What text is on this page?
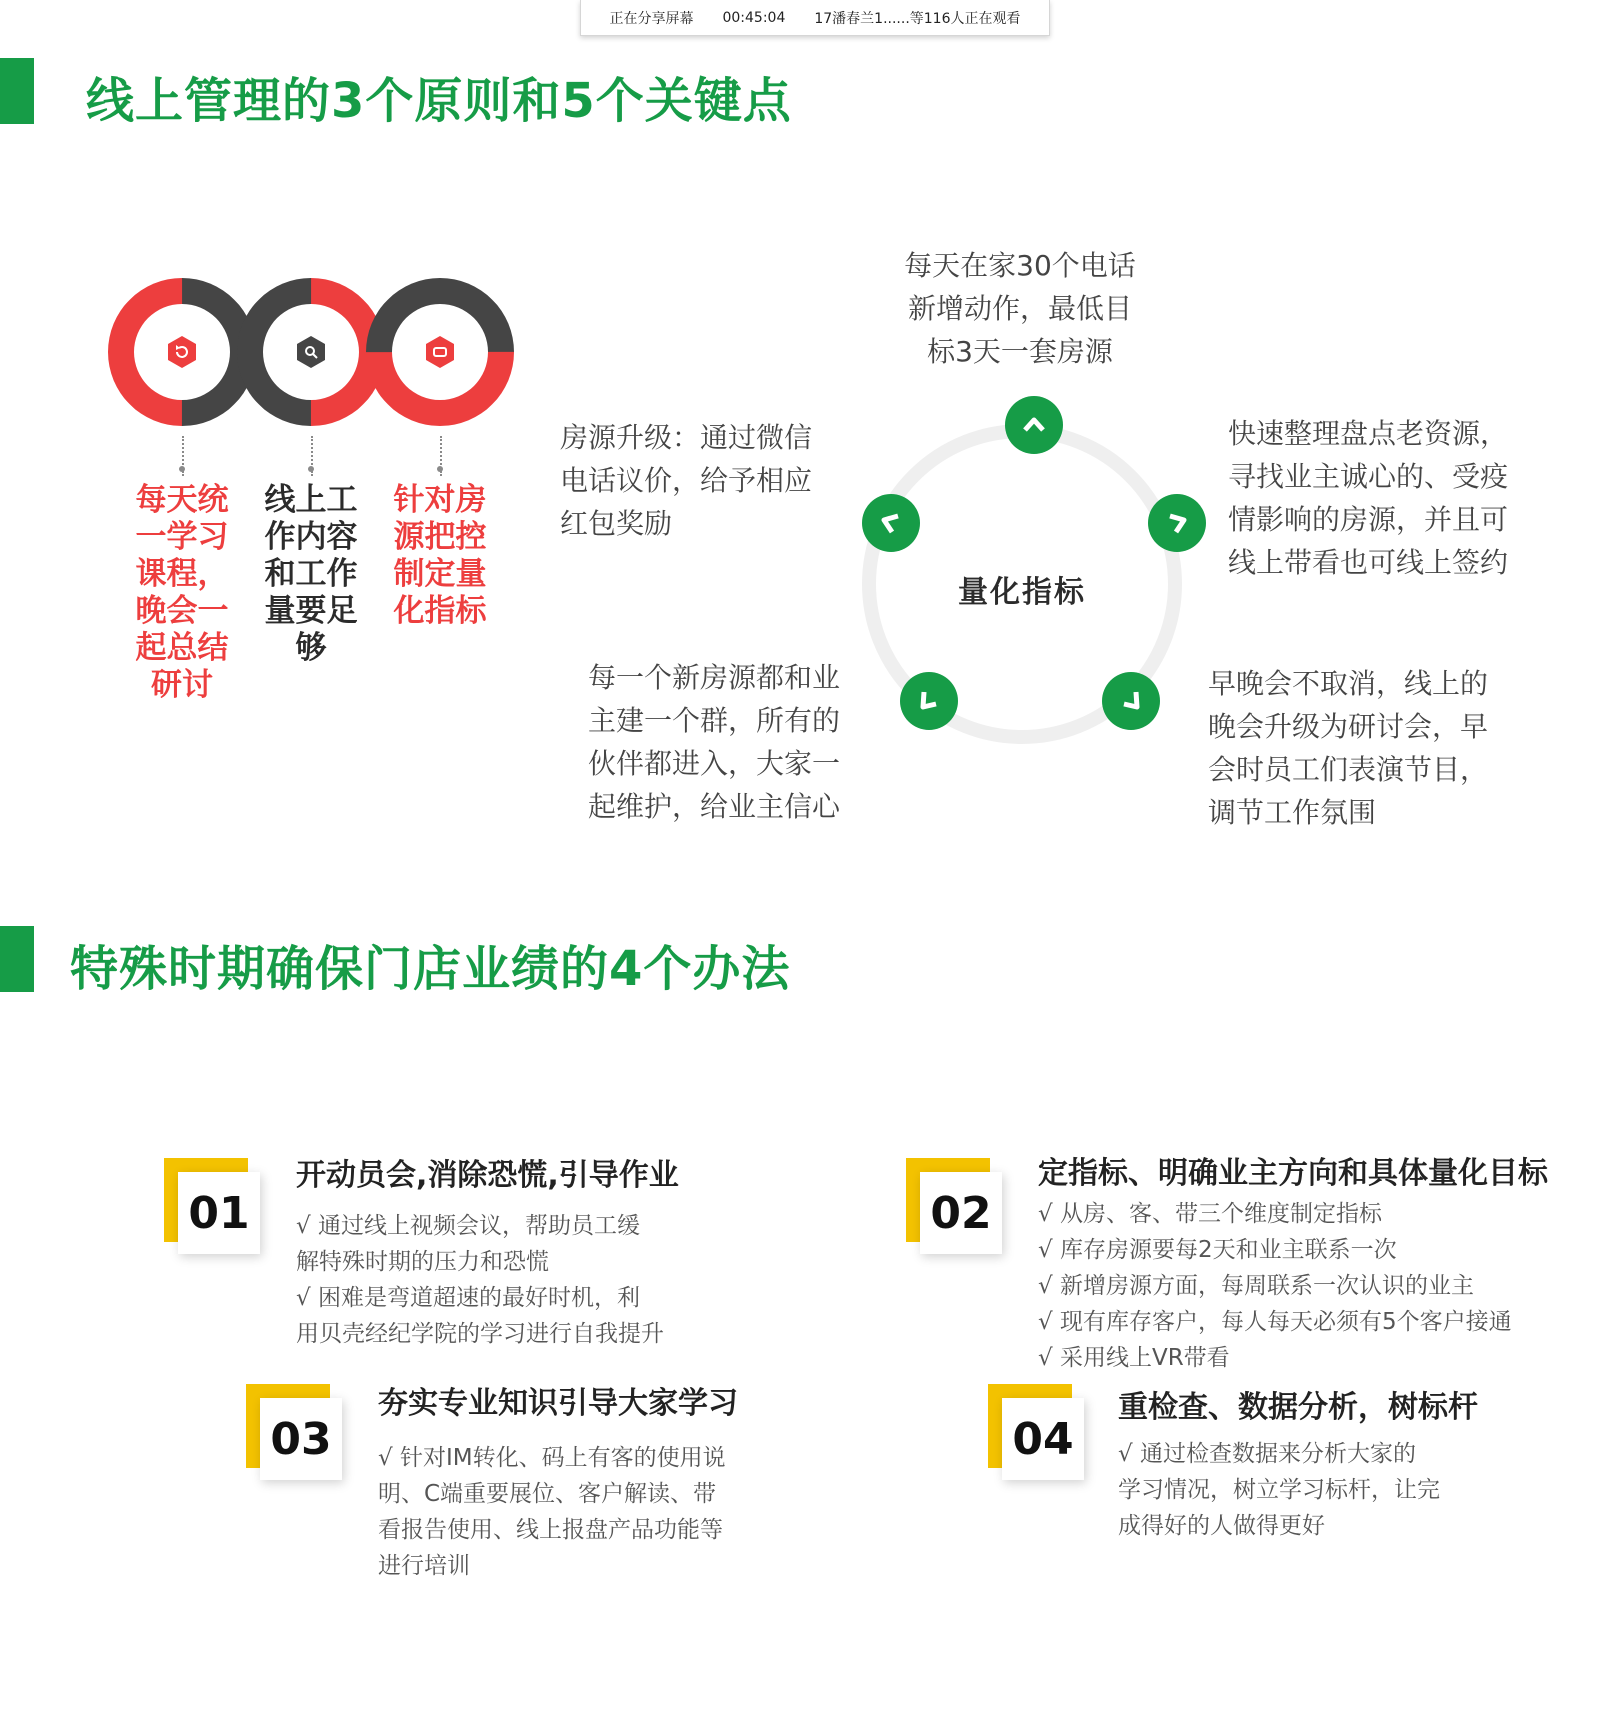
正在分享屏幕 00:45:04 17潘春兰1......等116人正在观看
线上管理的3个原则和5个关键点
每天统一学习课程，晚会一起总结研讨
线上工作内容和工作量要足够
针对房源把控制定量化指标
量化指标
每天在家30个电话新增动作，最低目标3天一套房源
快速整理盘点老资源，寻找业主诚心的、受疫情影响的房源，并且可线上带看也可线上签约
早晚会不取消，线上的晚会升级为研讨会，早会时员工们表演节目，调节工作氛围
每一个新房源都和业主建一个群，所有的伙伴都进入，大家一起维护，给业主信心
房源升级：通过微信电话议价，给予相应红包奖励
特殊时期确保门店业绩的4个办法
01
开动员会,消除恐慌,引导作业
√ 通过线上视频会议，帮助员工缓
解特殊时期的压力和恐慌
√ 困难是弯道超速的最好时机，利
用贝壳经纪学院的学习进行自我提升
02
定指标、明确业主方向和具体量化目标
√ 从房、客、带三个维度制定指标
√ 库存房源要每2天和业主联系一次
√ 新增房源方面，每周联系一次认识的业主
√ 现有库存客户，每人每天必须有5个客户接通
√ 采用线上VR带看
03
夯实专业知识引导大家学习
√ 针对IM转化、码上有客的使用说
明、C端重要展位、客户解读、带
看报告使用、线上报盘产品功能等
进行培训
04
重检查、数据分析，树标杆
√ 通过检查数据来分析大家的
学习情况，树立学习标杆，让完
成得好的人做得更好
